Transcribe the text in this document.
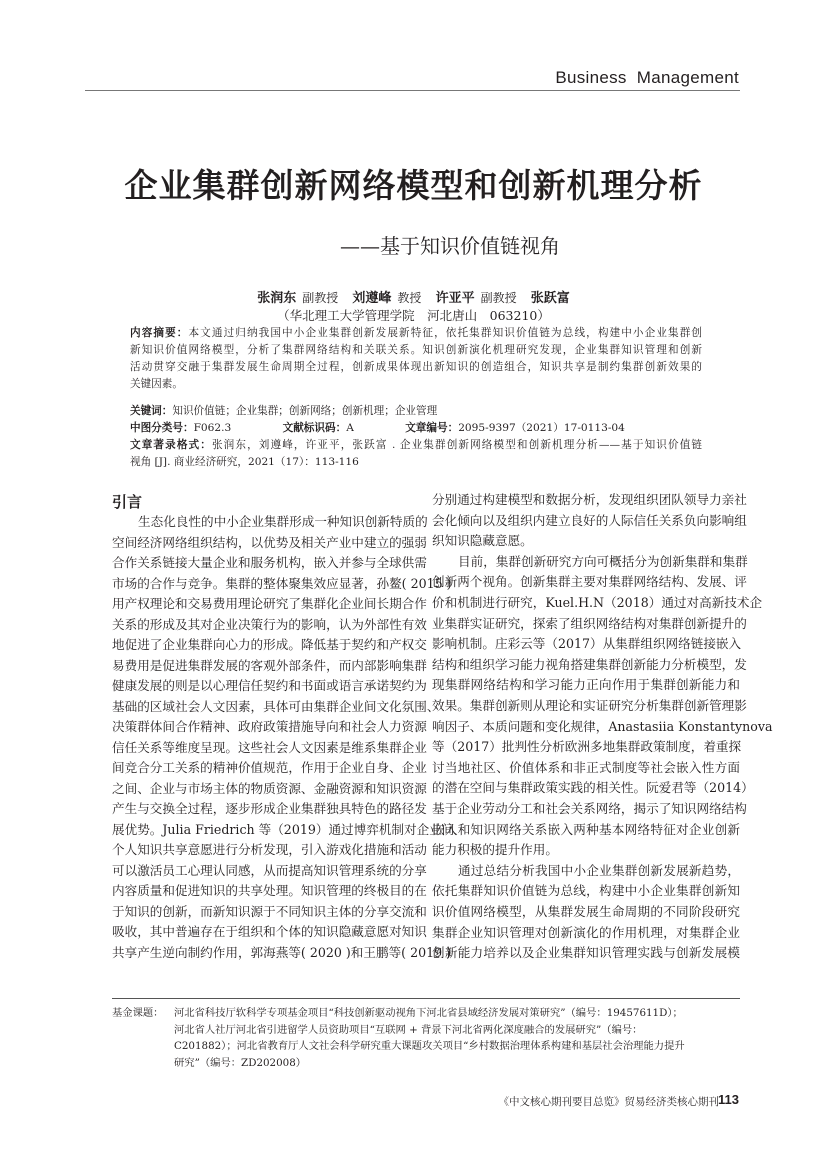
Business  Management
企业集群创新网络模型和创新机理分析
——基于知识价值链视角
张润东 副教授 刘遵峰 教授 许亚平 副教授 张跃富
（华北理工大学管理学院　河北唐山　063210）
内容摘要：本文通过归纳我国中小企业集群创新发展新特征，依托集群知识价值链为总线，构建中小企业集群创
新知识价值网络模型，分析了集群网络结构和关联关系。知识创新演化机理研究发现，企业集群知识管理和创新
活动贯穿交融于集群发展生命周期全过程，创新成果体现出新知识的创造组合，知识共享是制约集群创新效果的
关键因素。
关键词：知识价值链；企业集群；创新网络；创新机理；企业管理
中图分类号：F062.3	文献标识码：A	文章编号：2095-9397（2021）17-0113-04
文章著录格式：张润东，刘遵峰，许亚平，张跃富 . 企业集群创新网络模型和创新机理分析——基于知识价值链
视角 [J]. 商业经济研究，2021（17）：113-116
引言
生态化良性的中小企业集群形成一种知识创新特质的
空间经济网络组织结构，以优势及相关产业中建立的强弱
合作关系链接大量企业和服务机构，嵌入并参与全球供需
市场的合作与竞争。集群的整体聚集效应显著，孙鳌( 2015 )
用产权理论和交易费用理论研究了集群化企业间长期合作
关系的形成及其对企业决策行为的影响，认为外部性有效
地促进了企业集群向心力的形成。降低基于契约和产权交
易费用是促进集群发展的客观外部条件，而内部影响集群
健康发展的则是以心理信任契约和书面或语言承诺契约为
基础的区域社会人文因素，具体可由集群企业间文化氛围、
决策群体间合作精神、政府政策措施导向和社会人力资源
信任关系等维度呈现。这些社会人文因素是维系集群企业
间竞合分工关系的精神价值规范，作用于企业自身、企业
之间、企业与市场主体的物质资源、金融资源和知识资源
产生与交换全过程，逐步形成企业集群独具特色的路径发
展优势。Julia Friedrich 等（2019）通过博弈机制对企业间
个人知识共享意愿进行分析发现，引入游戏化措施和活动
可以激活员工心理认同感，从而提高知识管理系统的分享
内容质量和促进知识的共享处理。知识管理的终极目的在
于知识的创新，而新知识源于不同知识主体的分享交流和
吸收，其中普遍存在于组织和个体的知识隐藏意愿对知识
共享产生逆向制约作用，郭海燕等( 2020 )和王鹏等( 2019 )
分别通过构建模型和数据分析，发现组织团队领导力亲社
会化倾向以及组织内建立良好的人际信任关系负向影响组
织知识隐藏意愿。
目前，集群创新研究方向可概括分为创新集群和集群
创新两个视角。创新集群主要对集群网络结构、发展、评
价和机制进行研究，Kuel.H.N（2018）通过对高新技术企
业集群实证研究，探索了组织网络结构对集群创新提升的
影响机制。庄彩云等（2017）从集群组织网络链接嵌入
结构和组织学习能力视角搭建集群创新能力分析模型，发
现集群网络结构和学习能力正向作用于集群创新能力和
效果。集群创新则从理论和实证研究分析集群创新管理影
响因子、本质问题和变化规律，Anastasiia Konstantynova
等（2017）批判性分析欧洲多地集群政策制度，着重探
讨当地社区、价值体系和非正式制度等社会嵌入性方面
的潜在空间与集群政策实践的相关性。阮爱君等（2014）
基于企业劳动分工和社会关系网络，揭示了知识网络结构
嵌入和知识网络关系嵌入两种基本网络特征对企业创新
能力积极的提升作用。
通过总结分析我国中小企业集群创新发展新趋势，
依托集群知识价值链为总线，构建中小企业集群创新知
识价值网络模型，从集群发展生命周期的不同阶段研究
集群企业知识管理对创新演化的作用机理，对集群企业
创新能力培养以及企业集群知识管理实践与创新发展模
基金课题： 河北省科技厅软科学专项基金项目“科技创新驱动视角下河北省县域经济发展对策研究”（编号：19457611D）；
河北省人社厅河北省引进留学人员资助项目“互联网 + 背景下河北省两化深度融合的发展研究”（编号：
C201882）；河北省教育厅人文社会科学研究重大课题攻关项目“乡村数据治理体系构建和基层社会治理能力提升
研究”（编号：ZD202008）
《中文核心期刊要目总览》贸易经济类核心期刊 113
